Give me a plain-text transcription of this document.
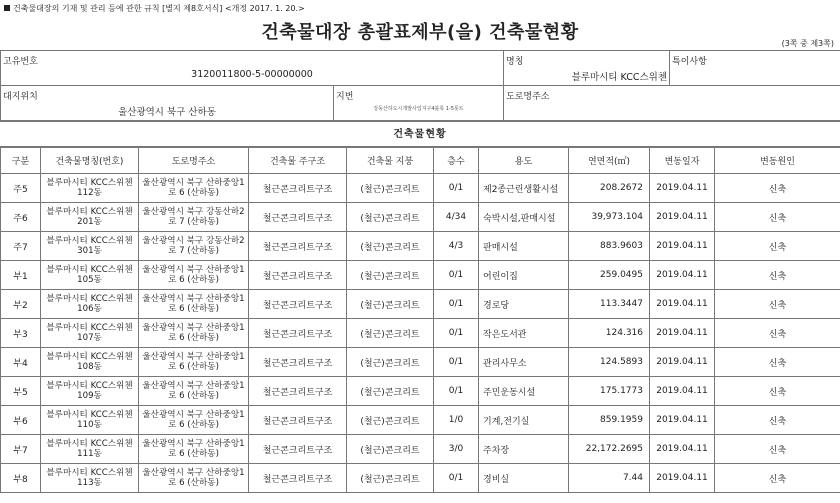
건축물대장의 기재 및 관리 등에 관한 규칙 [별지 제8호서식] <개정 2017. 1. 20.>
건축물대장 총괄표제부(을) 건축물현황
(3쪽 중 제3쪽)
고유번호
3120011800-5-00000000		명칭
블루마시티 KCC스위첸	특이사항

대지위치
울산광역시 북구 산하동	지번
강동산하도시개발사업지구4블록 1-5롯트	도로명주소	
건축물현황
구분	건축물명칭(번호)	도로명주소	건축물 주구조	건축물 지붕	층수	용도	연면적(㎡)	변동일자	변동원인
주5	블루마시티 KCC스위첸 112동	울산광역시 북구 산하중앙1로 6 (산하동)	철근콘크리트구조	(철근)콘크리트	0/1	제2종근린생활시설	208.2672	2019.04.11	신축
주6	블루마시티 KCC스위첸 201동	울산광역시 북구 강동산하2로 7 (산하동)	철근콘크리트구조	(철근)콘크리트	4/34	숙박시설,판매시설	39,973.104	2019.04.11	신축
주7	블루마시티 KCC스위첸 301동	울산광역시 북구 강동산하2로 7 (산하동)	철근콘크리트구조	(철근)콘크리트	4/3	판매시설	883.9603	2019.04.11	신축
부1	블루마시티 KCC스위첸 105동	울산광역시 북구 산하중앙1로 6 (산하동)	철근콘크리트구조	(철근)콘크리트	0/1	어린이집	259.0495	2019.04.11	신축
부2	블루마시티 KCC스위첸 106동	울산광역시 북구 산하중앙1로 6 (산하동)	철근콘크리트구조	(철근)콘크리트	0/1	경로당	113.3447	2019.04.11	신축
부3	블루마시티 KCC스위첸 107동	울산광역시 북구 산하중앙1로 6 (산하동)	철근콘크리트구조	(철근)콘크리트	0/1	작은도서관	124.316	2019.04.11	신축
부4	블루마시티 KCC스위첸 108동	울산광역시 북구 산하중앙1로 6 (산하동)	철근콘크리트구조	(철근)콘크리트	0/1	관리사무소	124.5893	2019.04.11	신축
부5	블루마시티 KCC스위첸 109동	울산광역시 북구 산하중앙1로 6 (산하동)	철근콘크리트구조	(철근)콘크리트	0/1	주민운동시설	175.1773	2019.04.11	신축
부6	블루마시티 KCC스위첸 110동	울산광역시 북구 산하중앙1로 6 (산하동)	철근콘크리트구조	(철근)콘크리트	1/0	기계,전기실	859.1959	2019.04.11	신축
부7	블루마시티 KCC스위첸 111동	울산광역시 북구 산하중앙1로 6 (산하동)	철근콘크리트구조	(철근)콘크리트	3/0	주차장	22,172.2695	2019.04.11	신축
부8	블루마시티 KCC스위첸 113동	울산광역시 북구 산하중앙1로 6 (산하동)	철근콘크리트구조	(철근)콘크리트	0/1	경비실	7.44	2019.04.11	신축
